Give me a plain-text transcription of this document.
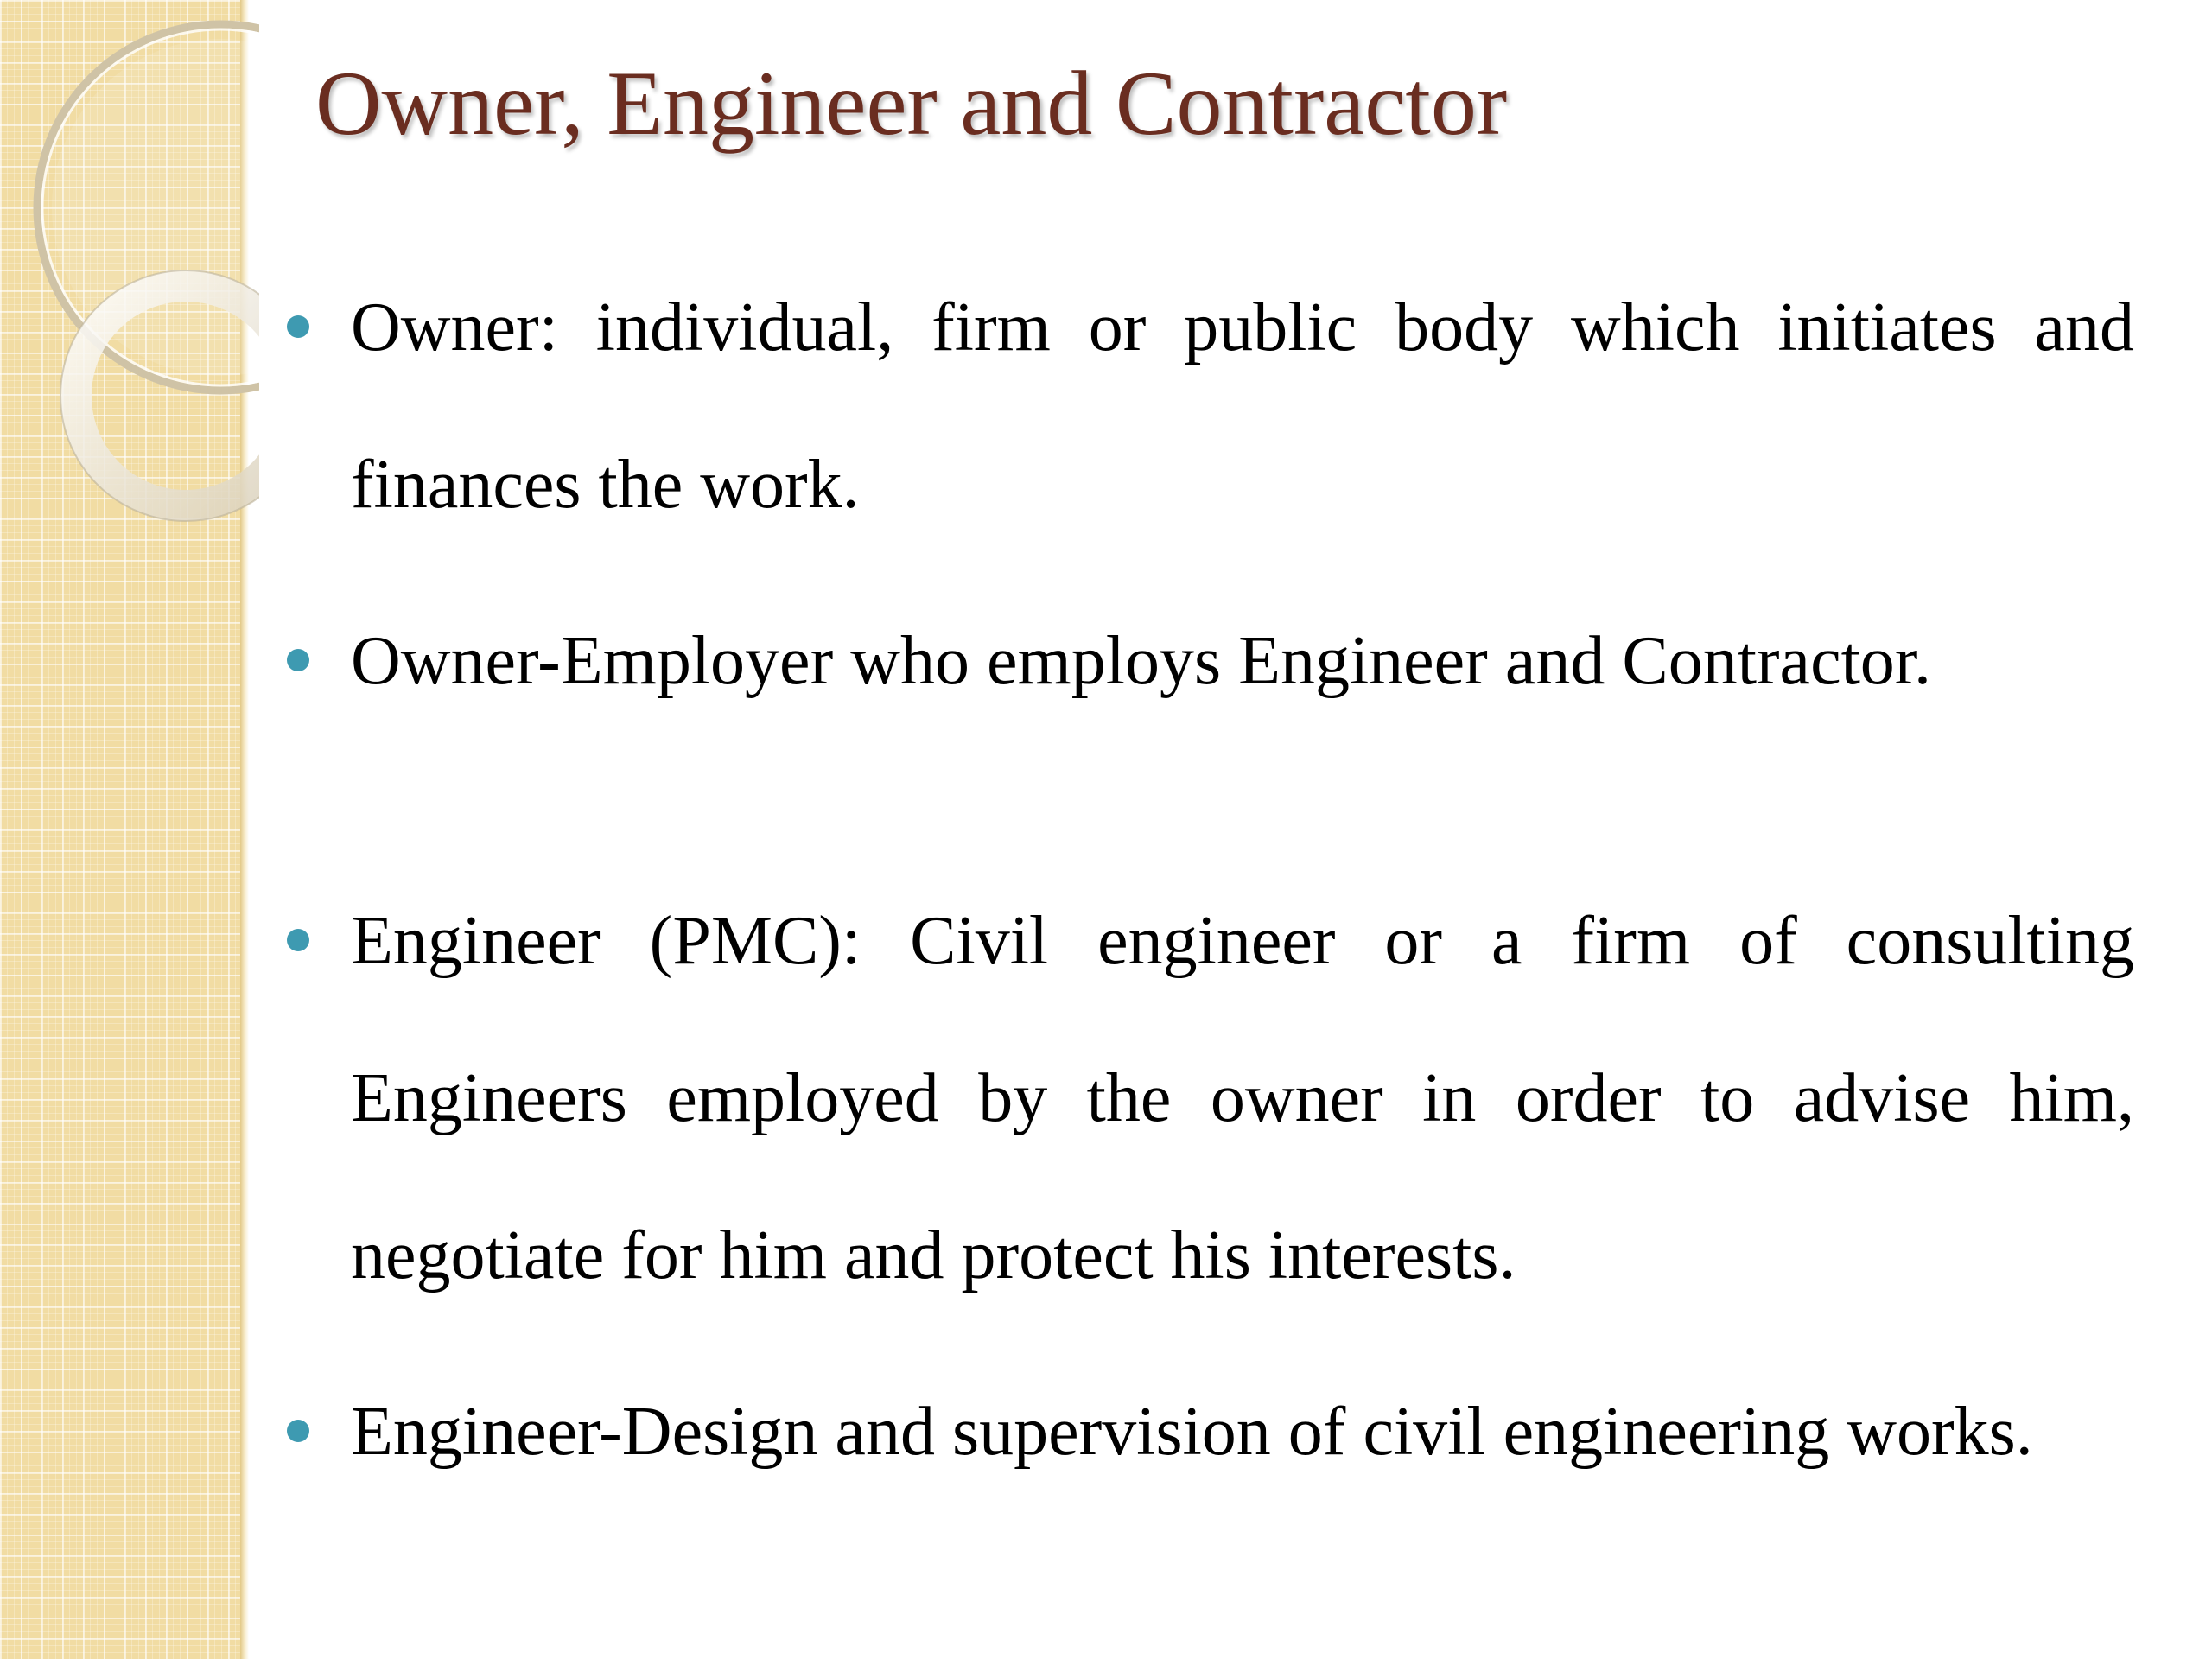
Owner, Engineer and Contractor
Owner: individual, firm or public body which initiates and finances the work.
Owner-Employer who employs Engineer and Contractor.
Engineer (PMC): Civil engineer or a firm of consulting Engineers employed by the owner in order to advise him, negotiate for him and protect his interests.
Engineer-Design and supervision of civil engineering works.
